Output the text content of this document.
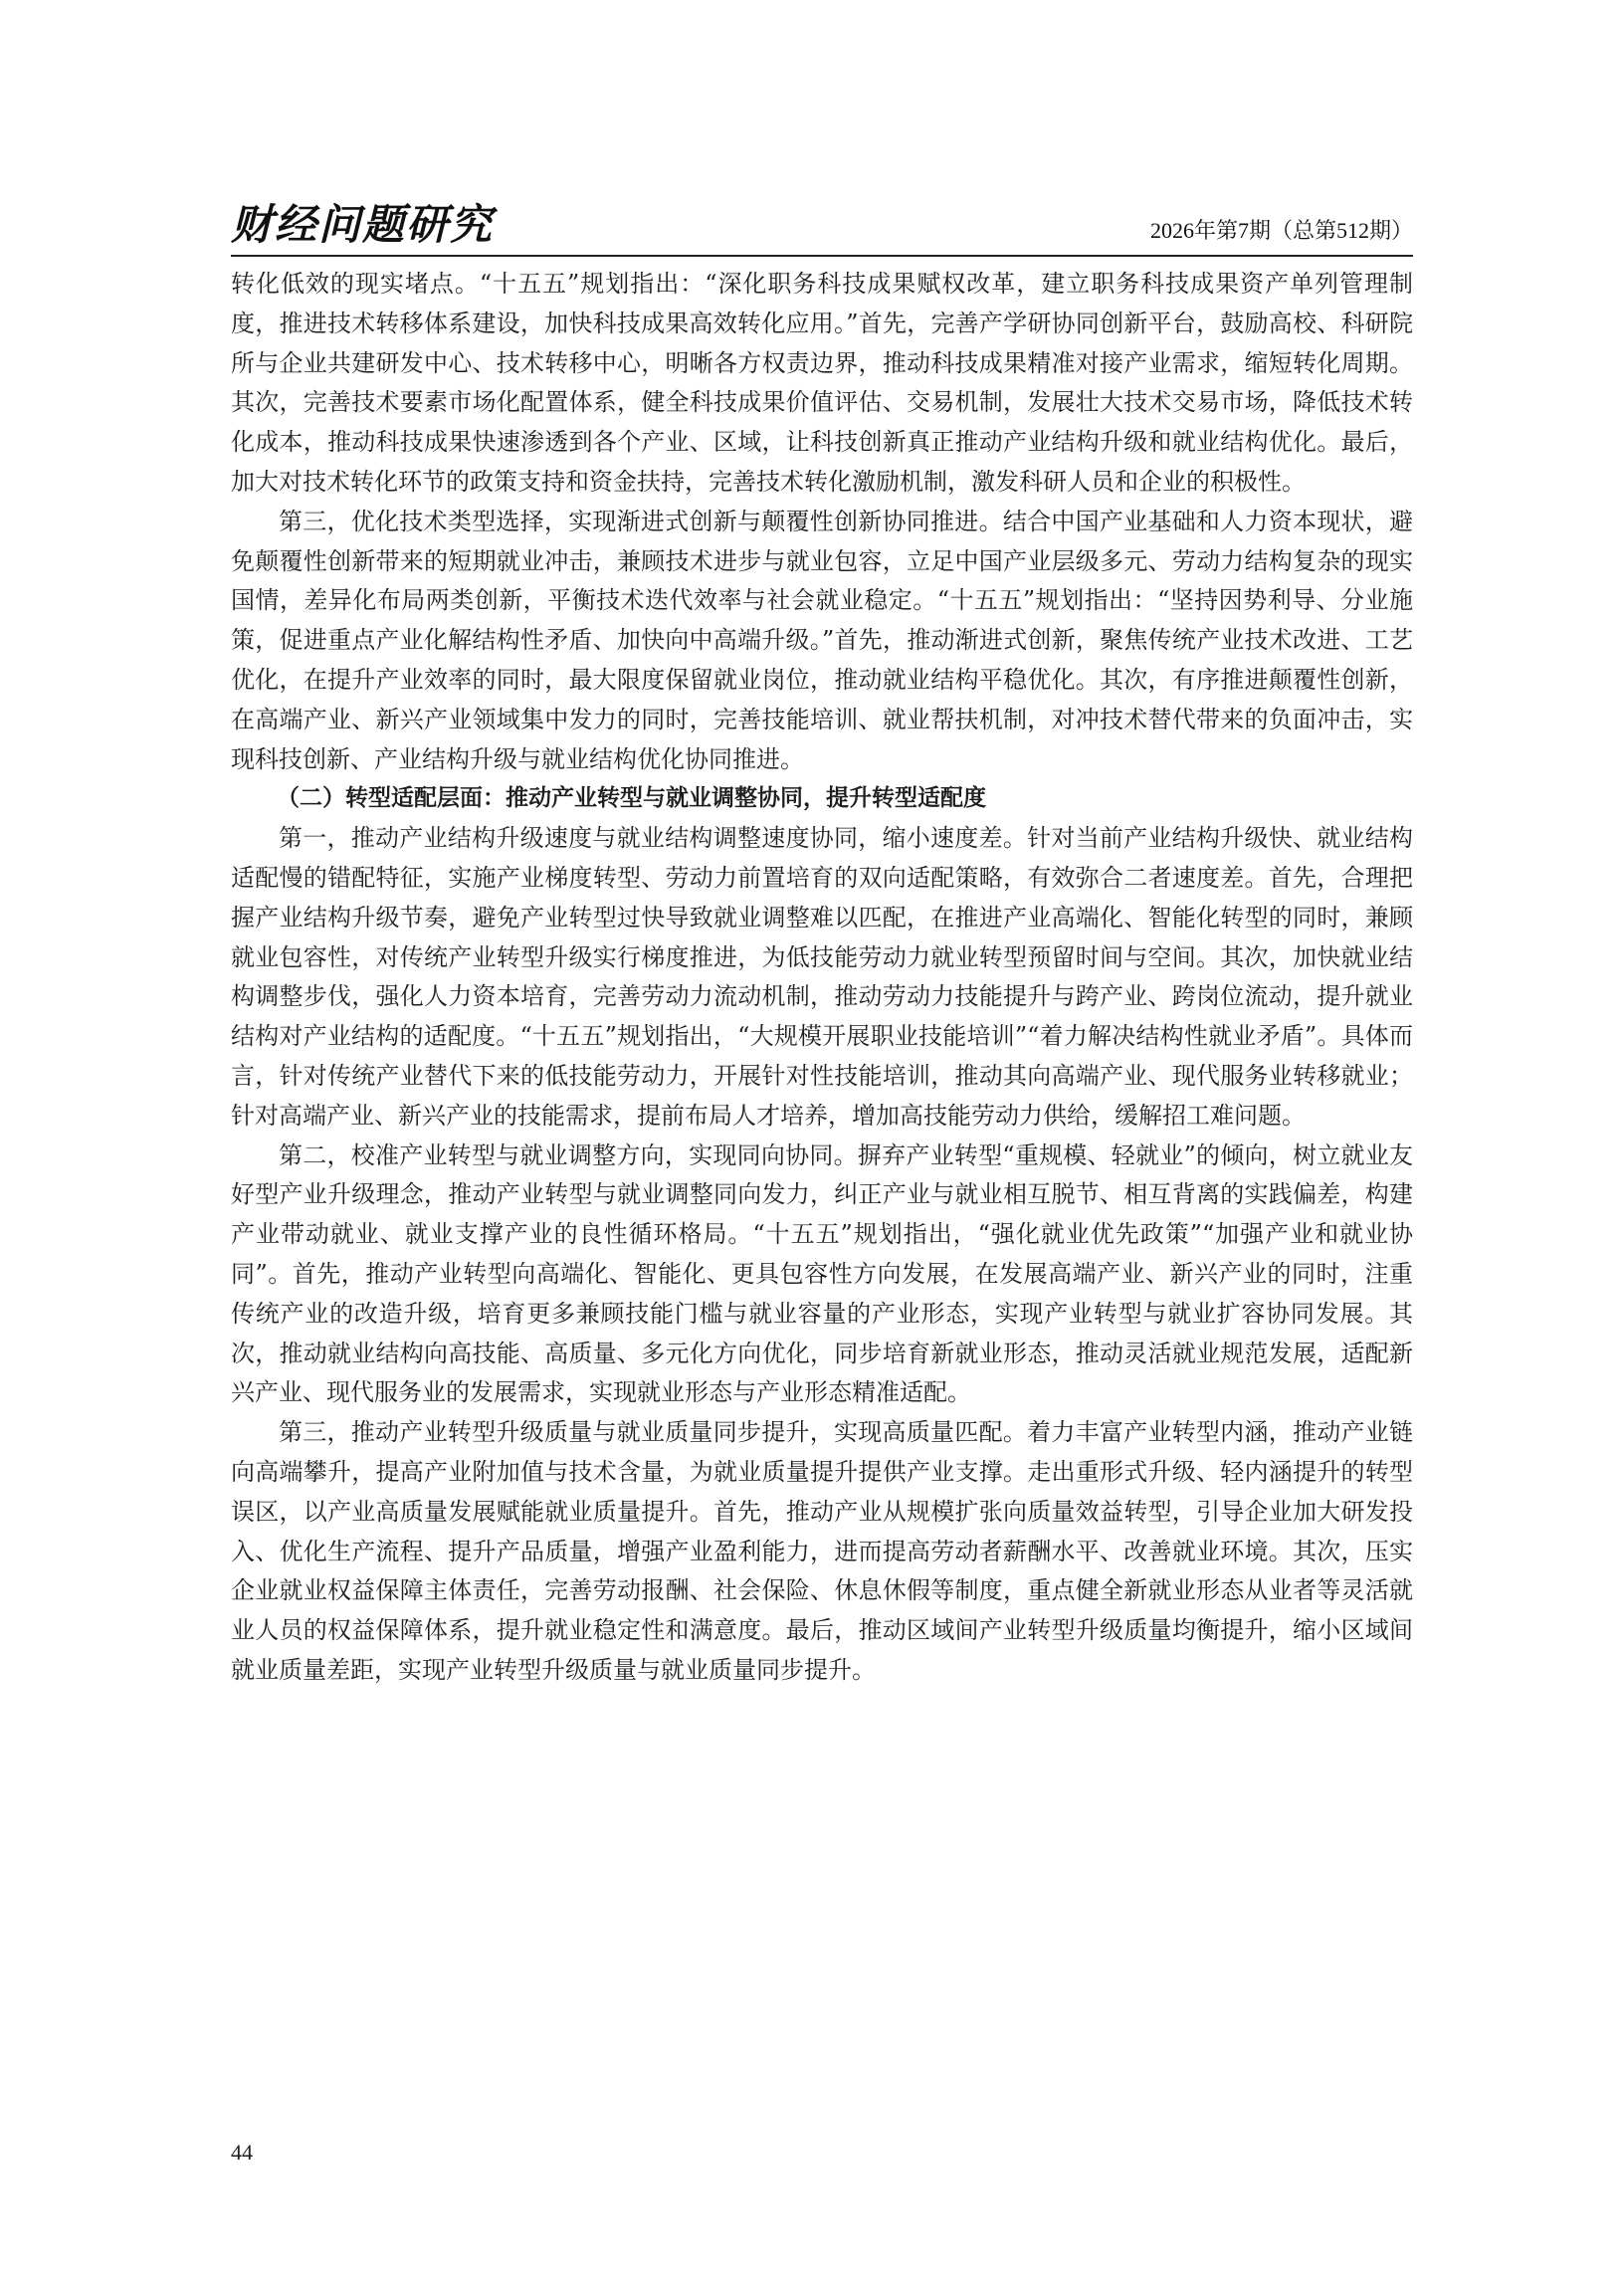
财经问题研究	2026年第7期（总第512期）

转化低效的现实堵点。“十五五”规划指出：“深化职务科技成果赋权改革，建立职务科技成果资产单列管理制度，推进技术转移体系建设，加快科技成果高效转化应用。”首先，完善产学研协同创新平台，鼓励高校、科研院所与企业共建研发中心、技术转移中心，明晰各方权责边界，推动科技成果精准对接产业需求，缩短转化周期。其次，完善技术要素市场化配置体系，健全科技成果价值评估、交易机制，发展壮大技术交易市场，降低技术转化成本，推动科技成果快速渗透到各个产业、区域，让科技创新真正推动产业结构升级和就业结构优化。最后，加大对技术转化环节的政策支持和资金扶持，完善技术转化激励机制，激发科研人员和企业的积极性。

第三，优化技术类型选择，实现渐进式创新与颠覆性创新协同推进。结合中国产业基础和人力资本现状，避免颠覆性创新带来的短期就业冲击，兼顾技术进步与就业包容，立足中国产业层级多元、劳动力结构复杂的现实国情，差异化布局两类创新，平衡技术迭代效率与社会就业稳定。“十五五”规划指出：“坚持因势利导、分业施策，促进重点产业化解结构性矛盾、加快向中高端升级。”首先，推动渐进式创新，聚焦传统产业技术改进、工艺优化，在提升产业效率的同时，最大限度保留就业岗位，推动就业结构平稳优化。其次，有序推进颠覆性创新，在高端产业、新兴产业领域集中发力的同时，完善技能培训、就业帮扶机制，对冲技术替代带来的负面冲击，实现科技创新、产业结构升级与就业结构优化协同推进。

（二）转型适配层面：推动产业转型与就业调整协同，提升转型适配度

第一，推动产业结构升级速度与就业结构调整速度协同，缩小速度差。针对当前产业结构升级快、就业结构适配慢的错配特征，实施产业梯度转型、劳动力前置培育的双向适配策略，有效弥合二者速度差。首先，合理把握产业结构升级节奏，避免产业转型过快导致就业调整难以匹配，在推进产业高端化、智能化转型的同时，兼顾就业包容性，对传统产业转型升级实行梯度推进，为低技能劳动力就业转型预留时间与空间。其次，加快就业结构调整步伐，强化人力资本培育，完善劳动力流动机制，推动劳动力技能提升与跨产业、跨岗位流动，提升就业结构对产业结构的适配度。“十五五”规划指出，“大规模开展职业技能培训”“着力解决结构性就业矛盾”。具体而言，针对传统产业替代下来的低技能劳动力，开展针对性技能培训，推动其向高端产业、现代服务业转移就业；针对高端产业、新兴产业的技能需求，提前布局人才培养，增加高技能劳动力供给，缓解招工难问题。

第二，校准产业转型与就业调整方向，实现同向协同。摒弃产业转型“重规模、轻就业”的倾向，树立就业友好型产业升级理念，推动产业转型与就业调整同向发力，纠正产业与就业相互脱节、相互背离的实践偏差，构建产业带动就业、就业支撑产业的良性循环格局。“十五五”规划指出，“强化就业优先政策”“加强产业和就业协同”。首先，推动产业转型向高端化、智能化、更具包容性方向发展，在发展高端产业、新兴产业的同时，注重传统产业的改造升级，培育更多兼顾技能门槛与就业容量的产业形态，实现产业转型与就业扩容协同发展。其次，推动就业结构向高技能、高质量、多元化方向优化，同步培育新就业形态，推动灵活就业规范发展，适配新兴产业、现代服务业的发展需求，实现就业形态与产业形态精准适配。

第三，推动产业转型升级质量与就业质量同步提升，实现高质量匹配。着力丰富产业转型内涵，推动产业链向高端攀升，提高产业附加值与技术含量，为就业质量提升提供产业支撑。走出重形式升级、轻内涵提升的转型误区，以产业高质量发展赋能就业质量提升。首先，推动产业从规模扩张向质量效益转型，引导企业加大研发投入、优化生产流程、提升产品质量，增强产业盈利能力，进而提高劳动者薪酬水平、改善就业环境。其次，压实企业就业权益保障主体责任，完善劳动报酬、社会保险、休息休假等制度，重点健全新就业形态从业者等灵活就业人员的权益保障体系，提升就业稳定性和满意度。最后，推动区域间产业转型升级质量均衡提升，缩小区域间就业质量差距，实现产业转型升级质量与就业质量同步提升。

44
